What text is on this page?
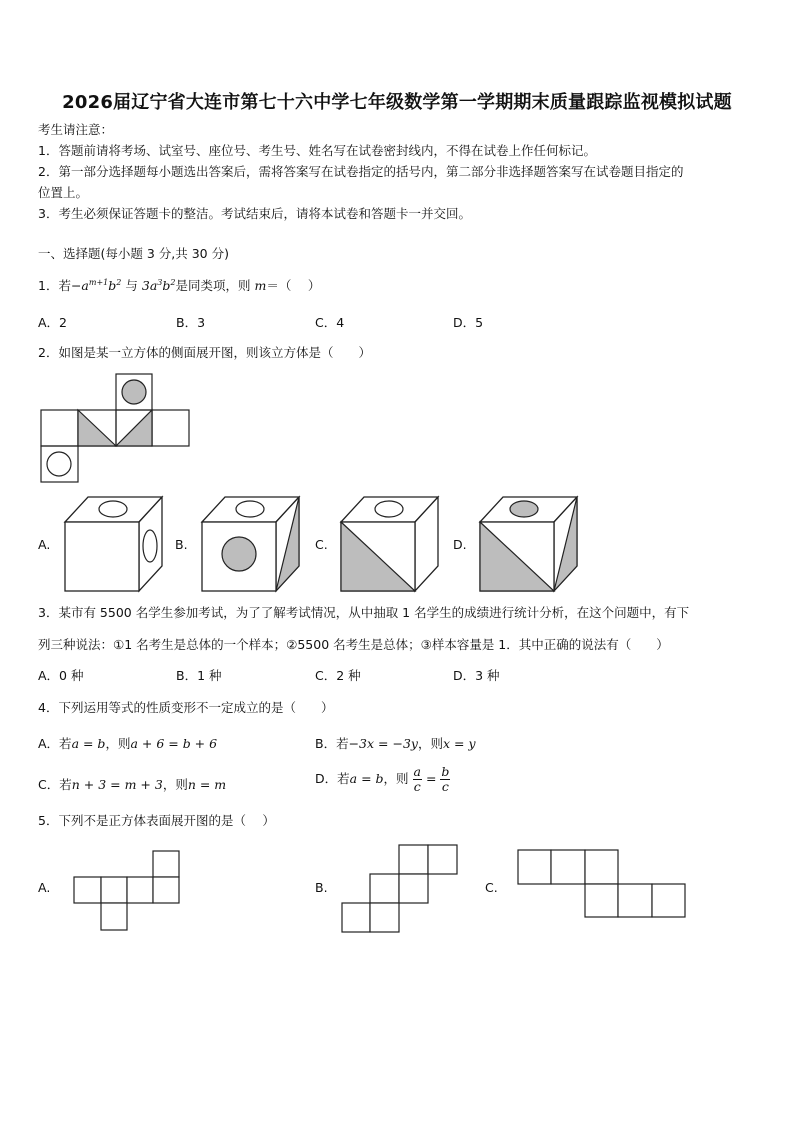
2026届辽宁省大连市第七十六中学七年级数学第一学期期末质量跟踪监视模拟试题
考生请注意：
1．答题前请将考场、试室号、座位号、考生号、姓名写在试卷密封线内，不得在试卷上作任何标记。
2．第一部分选择题每小题选出答案后，需将答案写在试卷指定的括号内，第二部分非选择题答案写在试卷题目指定的
位置上。
3．考生必须保证答题卡的整洁。考试结束后，请将本试卷和答题卡一并交回。
一、选择题(每小题 3 分,共 30 分)
1．若$-a^{m+1}b^2$ 与 $3a^3b^2$是同类项，则 m＝（　 ）
A．2	B．3	C．4	D．5
2．如图是某一立方体的侧面展开图，则该立方体是（　　）
A.	B.	C.	D.
3．某市有 5500 名学生参加考试，为了了解考试情况，从中抽取 1 名学生的成绩进行统计分析，在这个问题中，有下
列三种说法：①1 名考生是总体的一个样本；②5500 名考生是总体；③样本容量是 1．其中正确的说法有（　　）
A．0 种	B．1 种	C．2 种	D．3 种
4．下列运用等式的性质变形不一定成立的是（　　）
A．若a = b，则a + 6 = b + 6	B．若−3x = −3y，则x = y
C．若n + 3 = m + 3，则n = m	D．若a = b，则 $\frac{a}{c} = \frac{b}{c}$
5．下列不是正方体表面展开图的是（　 ）
A.	B.	C.
